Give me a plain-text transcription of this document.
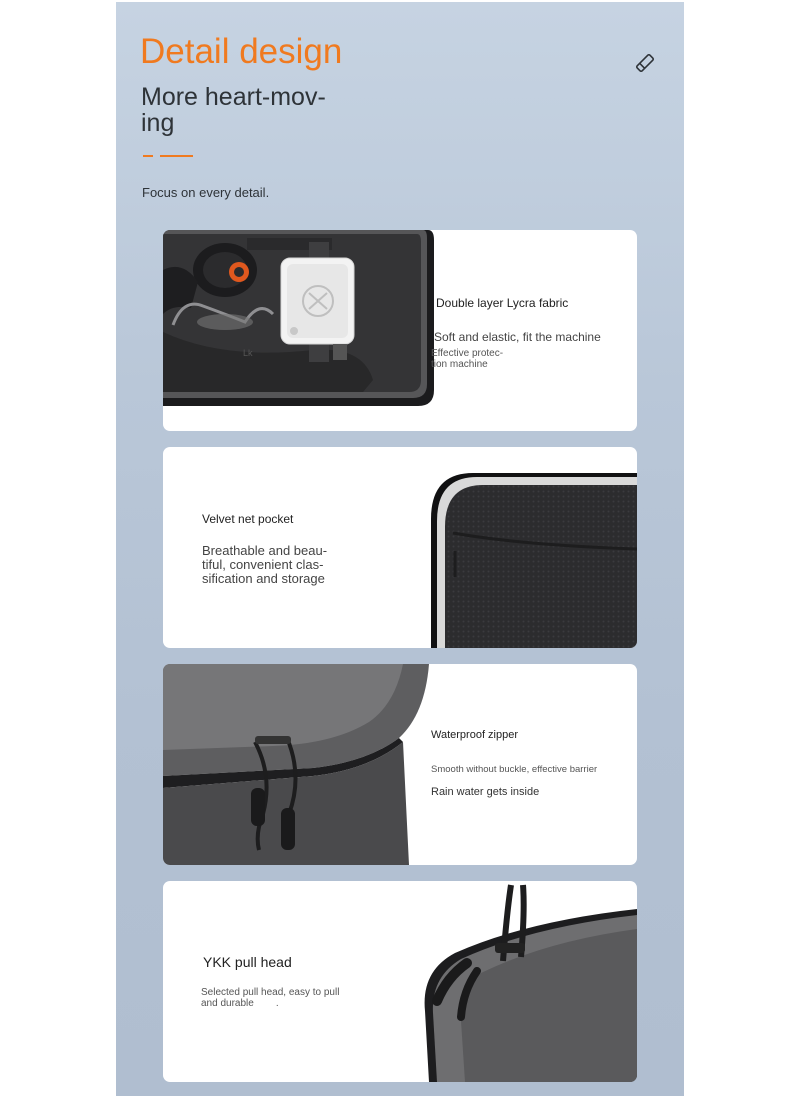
Detail design
More heart-mov-
ing
Focus on every detail.
Lk
Double layer Lycra fabric
Soft and elastic, fit the machine
Effective protec-
tion machine
Velvet net pocket
Breathable and beau-
tiful, convenient clas-
sification and storage
Waterproof zipper
Smooth without buckle, effective barrier
Rain water gets inside
YKK pull head
Selected pull head, easy to pull
and durable .
